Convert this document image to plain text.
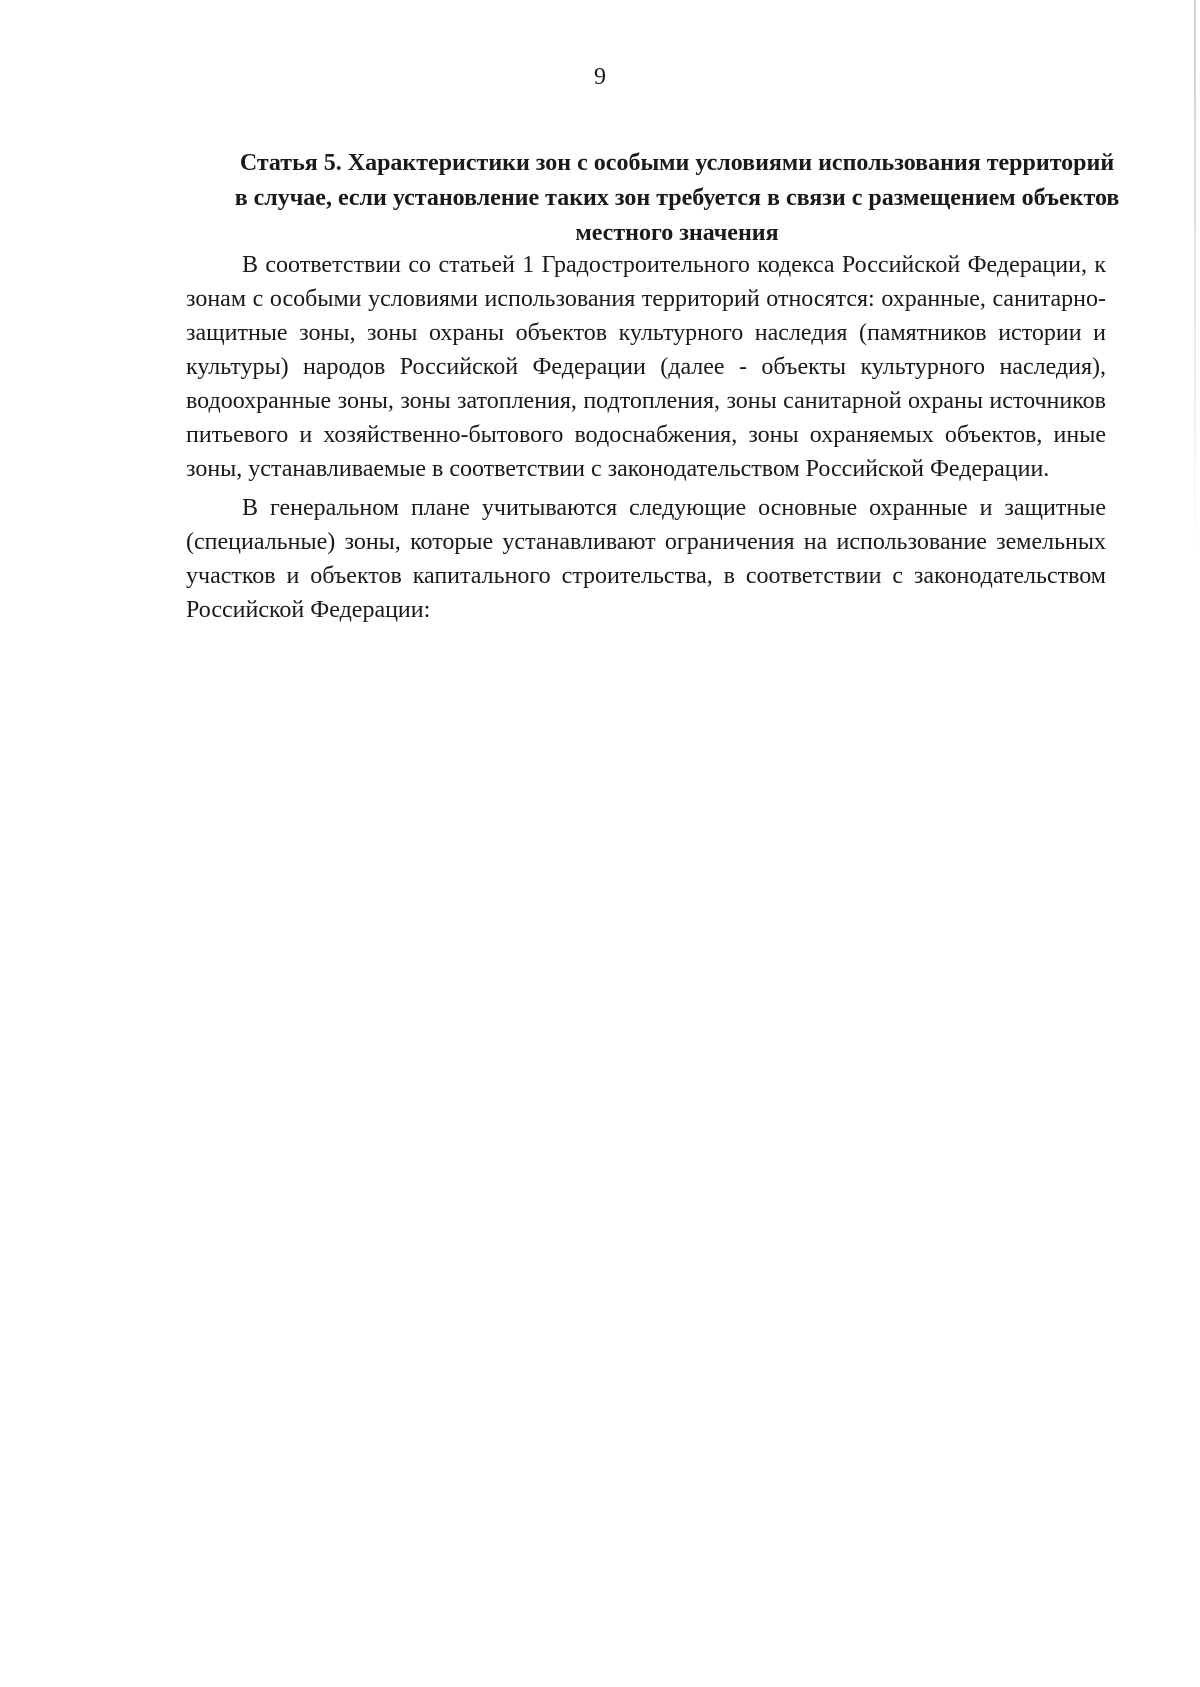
9
Статья 5. Характеристики зон с особыми условиями использования территорий в случае, если установление таких зон требуется в связи с размещением объектов местного значения

В соответствии со статьей 1 Градостроительного кодекса Российской Федерации, к зонам с особыми условиями использования территорий относятся: охранные, санитарно-защитные зоны, зоны охраны объектов культурного наследия (памятников истории и культуры) народов Российской Федерации (далее - объекты культурного наследия), водоохранные зоны, зоны затопления, подтопления, зоны санитарной охраны источников питьевого и хозяйственно-бытового водоснабжения, зоны охраняемых объектов, иные зоны, устанавливаемые в соответствии с законодательством Российской Федерации.

В генеральном плане учитываются следующие основные охранные и защитные (специальные) зоны, которые устанавливают ограничения на использование земельных участков и объектов капитального строительства, в соответствии с законодательством Российской Федерации:
